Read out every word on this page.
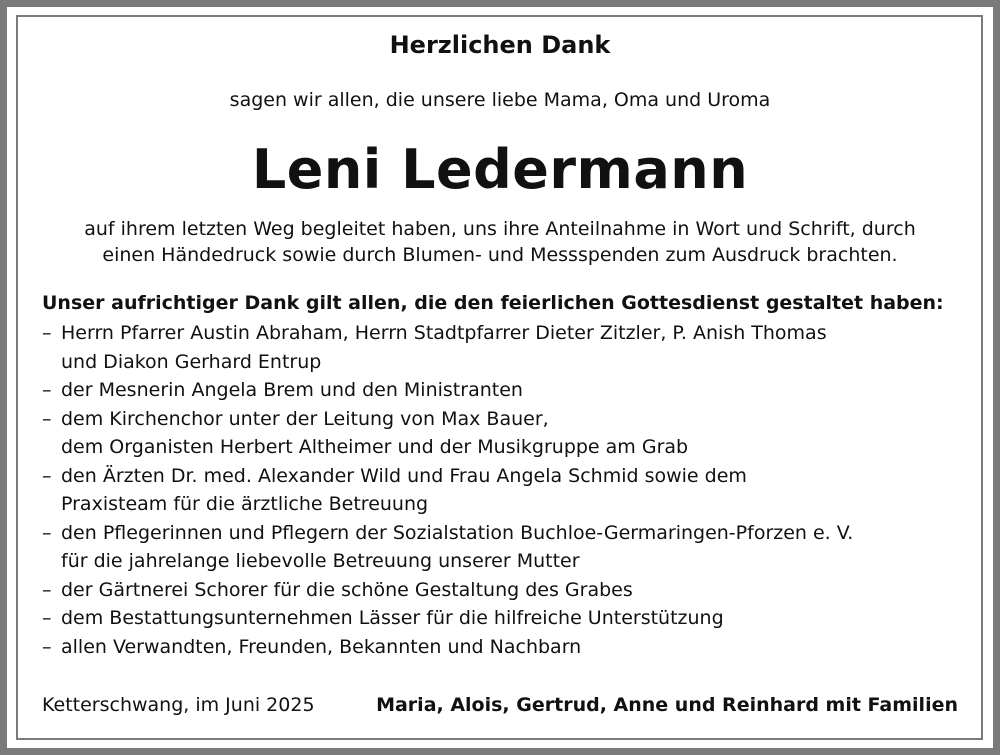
Herzlichen Dank
sagen wir allen, die unsere liebe Mama, Oma und Uroma
Leni Ledermann
auf ihrem letzten Weg begleitet haben, uns ihre Anteilnahme in Wort und Schrift, durch
einen Händedruck sowie durch Blumen- und Messspenden zum Ausdruck brachten.
Unser aufrichtiger Dank gilt allen, die den feierlichen Gottesdienst gestaltet haben:
– Herrn Pfarrer Austin Abraham, Herrn Stadtpfarrer Dieter Zitzler, P. Anish Thomas
und Diakon Gerhard Entrup
– der Mesnerin Angela Brem und den Ministranten
– dem Kirchenchor unter der Leitung von Max Bauer,
dem Organisten Herbert Altheimer und der Musikgruppe am Grab
– den Ärzten Dr. med. Alexander Wild und Frau Angela Schmid sowie dem
Praxisteam für die ärztliche Betreuung
– den Pflegerinnen und Pflegern der Sozialstation Buchloe-Germaringen-Pforzen e. V.
für die jahrelange liebevolle Betreuung unserer Mutter
– der Gärtnerei Schorer für die schöne Gestaltung des Grabes
– dem Bestattungsunternehmen Lässer für die hilfreiche Unterstützung
– allen Verwandten, Freunden, Bekannten und Nachbarn
Ketterschwang, im Juni 2025	Maria, Alois, Gertrud, Anne und Reinhard mit Familien
